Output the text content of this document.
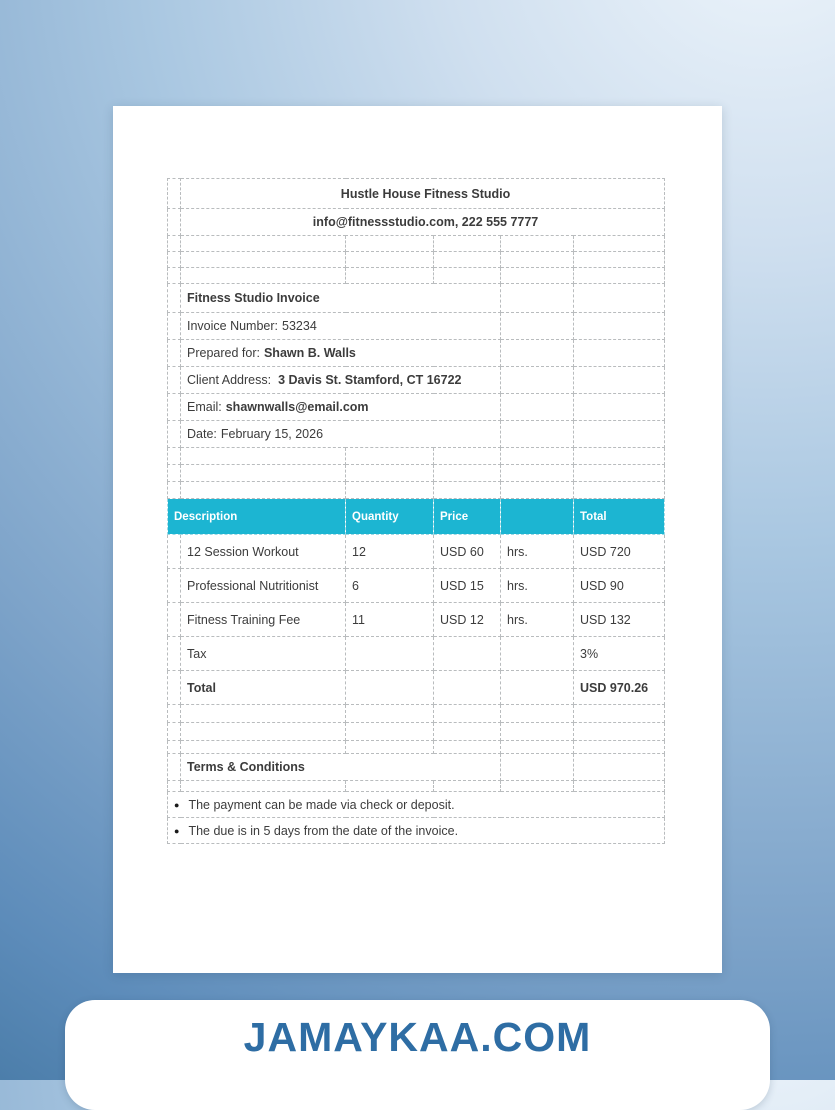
	Hustle House Fitness Studio				
	info@fitnessstudio.com, 222 555 7777				

	Fitness Studio Invoice				
	Invoice Number: 53234				
	Prepared for: Shawn B. Walls				
	Client Address: 3 Davis St. Stamford, CT 16722				
	Email: shawnwalls@email.com				
	Date: February 15, 2026				

Description		Quantity	Price		Total
	12 Session Workout	12	USD 60	hrs.	USD 720
	Professional Nutritionist	6	USD 15	hrs.	USD 90
	Fitness Training Fee	11	USD 12	hrs.	USD 132
	Tax				3%
	Total				USD 970.26

	Terms & Conditions				

● The payment can be made via check or deposit.					
● The due is in 5 days from the date of the invoice.					
JAMAYKAA.COM
